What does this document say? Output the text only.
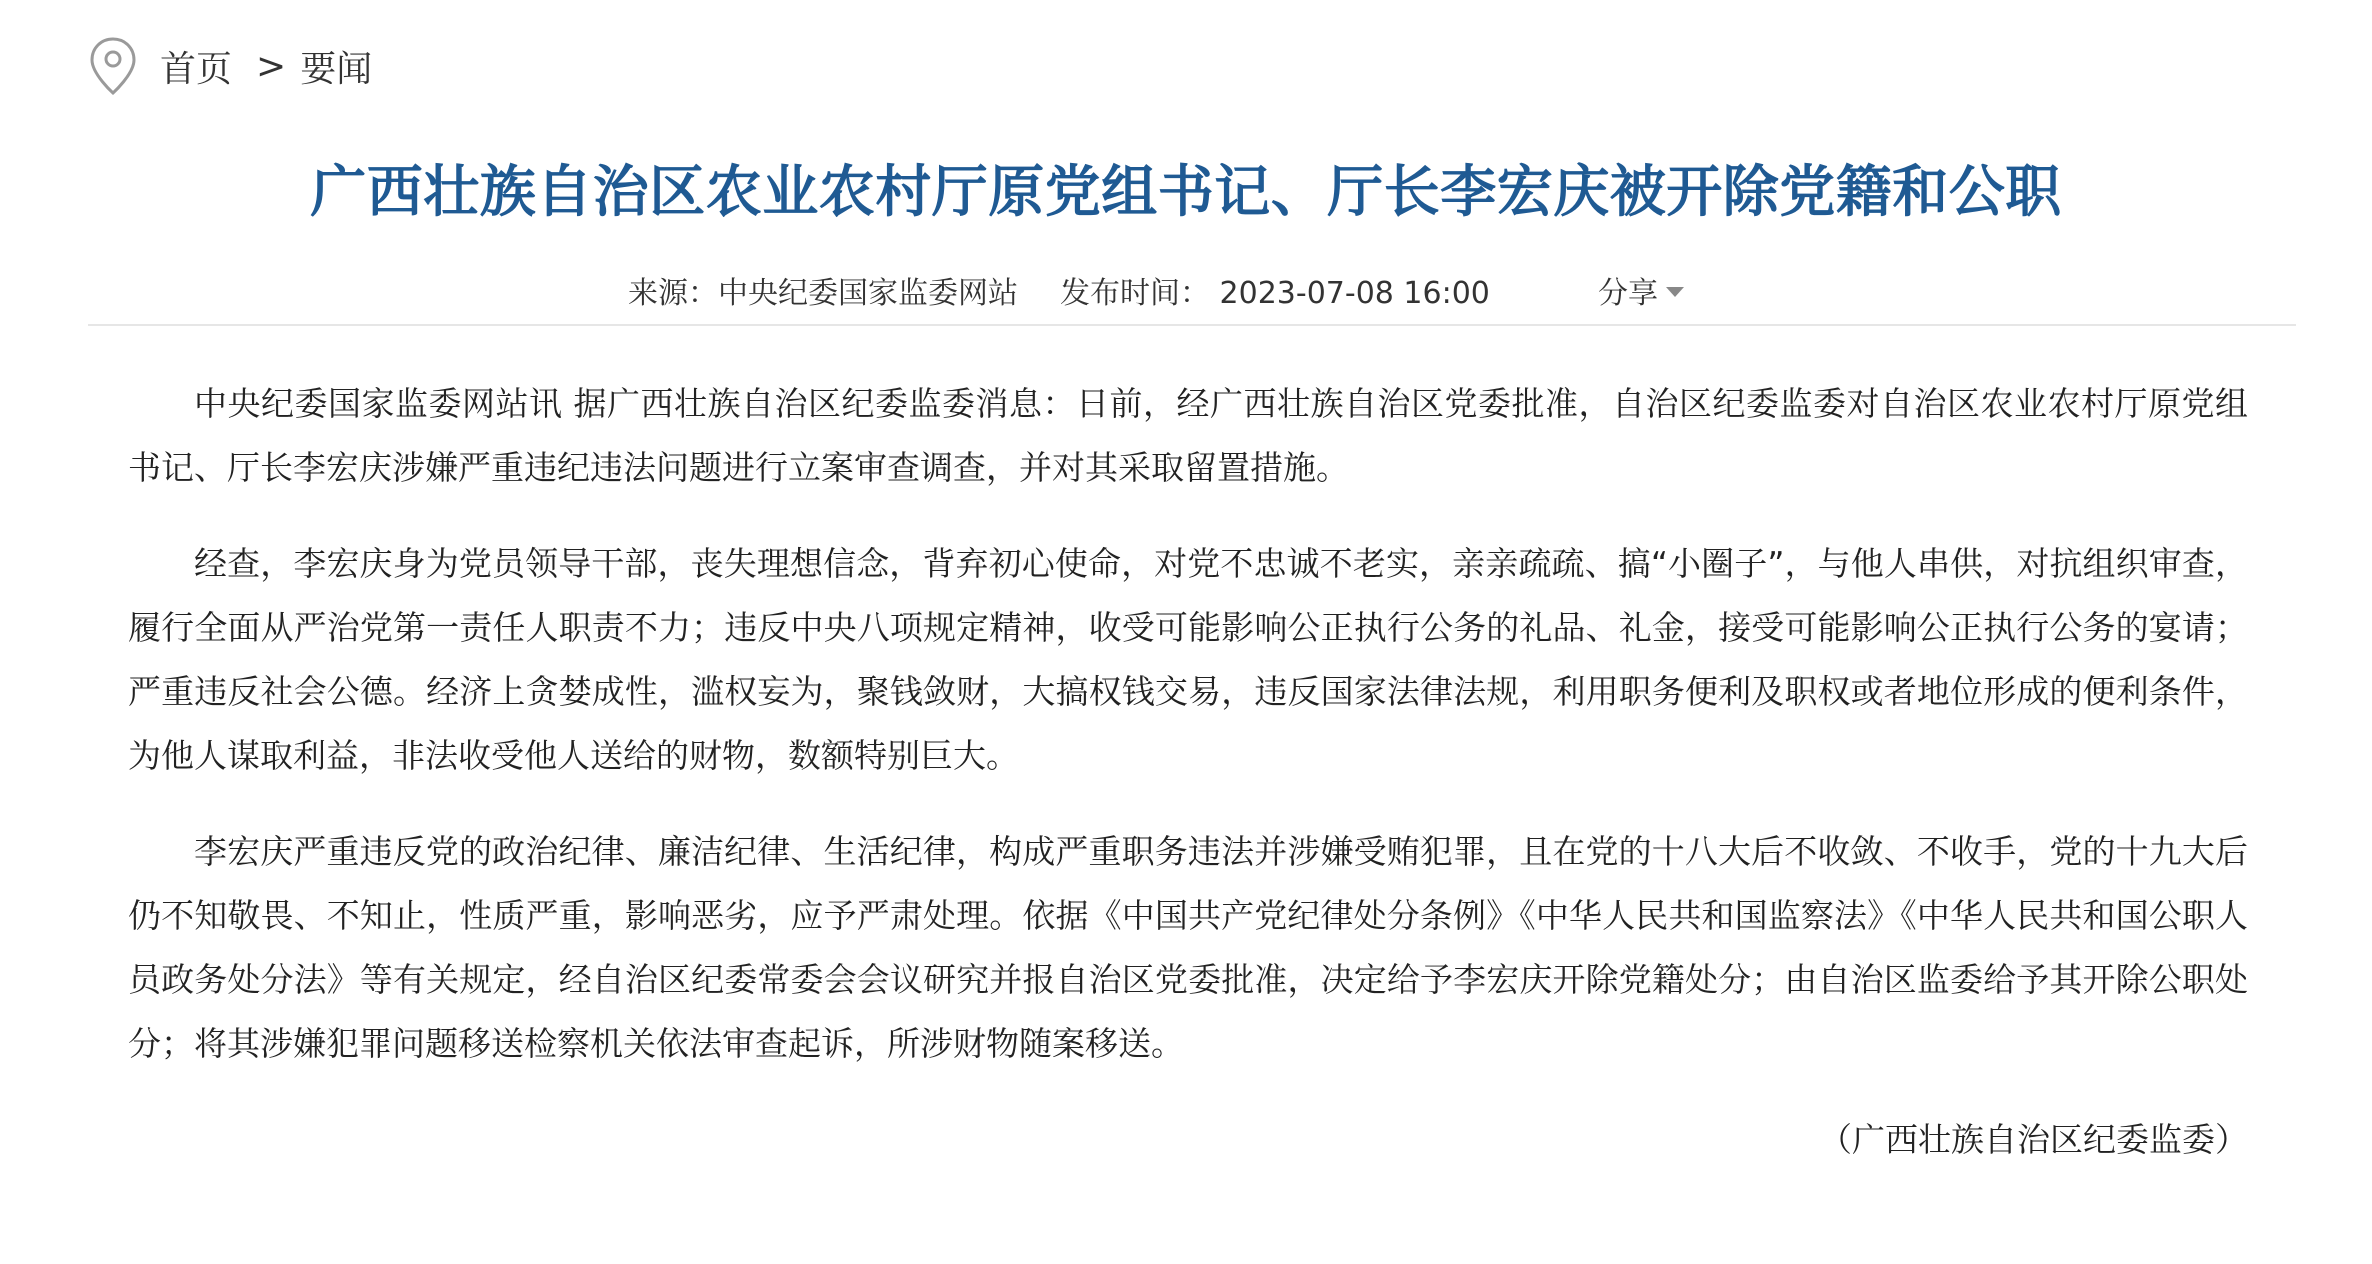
首页 > 要闻
广西壮族自治区农业农村厅原党组书记、厅长李宏庆被开除党籍和公职
来源：中央纪委国家监委网站 发布时间： 2023-07-08 16:00	分享

中央纪委国家监委网站讯 据广西壮族自治区纪委监委消息：日前，经广西壮族自治区党委批准，自治区纪委监委对自治区农业农村厅原党组书记、厅长李宏庆涉嫌严重违纪违法问题进行立案审查调查，并对其采取留置措施。

经查，李宏庆身为党员领导干部，丧失理想信念，背弃初心使命，对党不忠诚不老实，亲亲疏疏、搞“小圈子”，与他人串供，对抗组织审查，履行全面从严治党第一责任人职责不力；违反中央八项规定精神，收受可能影响公正执行公务的礼品、礼金，接受可能影响公正执行公务的宴请；严重违反社会公德。经济上贪婪成性，滥权妄为，聚钱敛财，大搞权钱交易，违反国家法律法规，利用职务便利及职权或者地位形成的便利条件，为他人谋取利益，非法收受他人送给的财物，数额特别巨大。

李宏庆严重违反党的政治纪律、廉洁纪律、生活纪律，构成严重职务违法并涉嫌受贿犯罪，且在党的十八大后不收敛、不收手，党的十九大后仍不知敬畏、不知止，性质严重，影响恶劣，应予严肃处理。依据《中国共产党纪律处分条例》《中华人民共和国监察法》《中华人民共和国公职人员政务处分法》等有关规定，经自治区纪委常委会会议研究并报自治区党委批准，决定给予李宏庆开除党籍处分；由自治区监委给予其开除公职处分；将其涉嫌犯罪问题移送检察机关依法审查起诉，所涉财物随案移送。

（广西壮族自治区纪委监委）
